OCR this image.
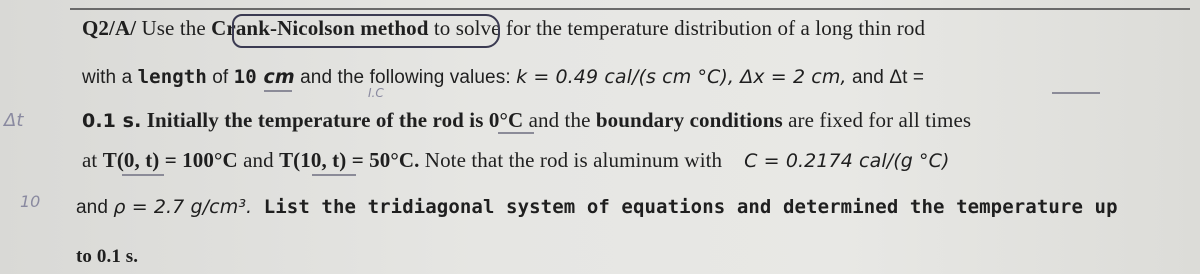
Q2/A/ Use the Crank-Nicolson method to solve for the temperature distribution of a long thin rod
with a length of 10 cm and the following values: k = 0.49 cal/(s cm °C), Δx = 2 cm, and Δt =
0.1 s. Initially the temperature of the rod is 0°C and the boundary conditions are fixed for all times
at T(0, t) = 100°C and T(10, t) = 50°C. Note that the rod is aluminum with C = 0.2174 cal/(g °C)
and ρ = 2.7 g/cm³. List the tridiagonal system of equations and determined the temperature up
to 0.1 s.
I.C
Δt
10
